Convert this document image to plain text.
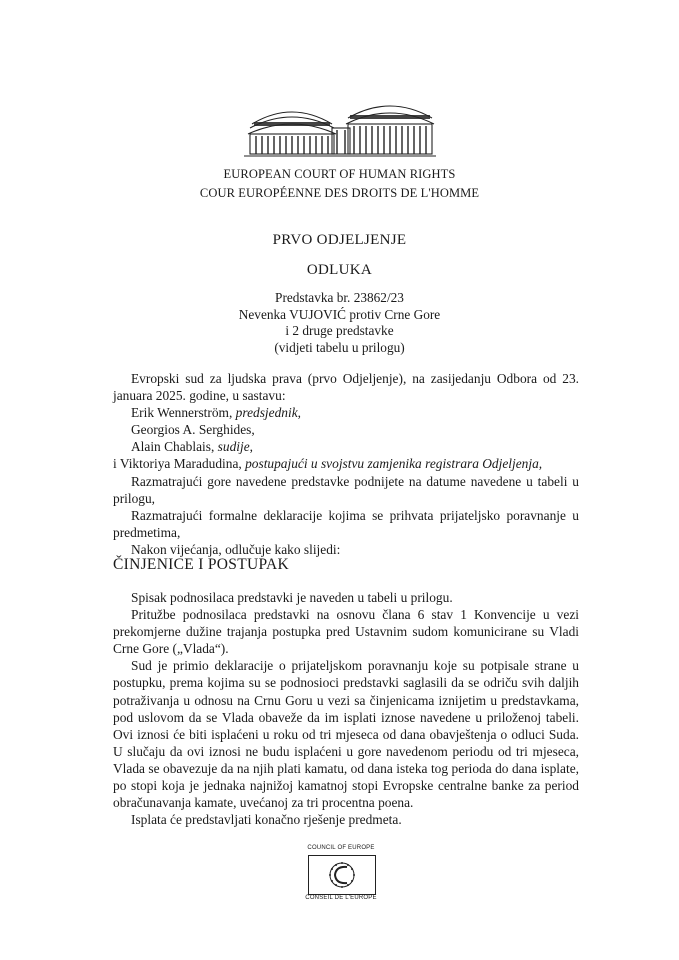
EUROPEAN COURT OF HUMAN RIGHTS
COUR EUROPÉENNE DES DROITS DE L'HOMME
PRVO ODJELJENJE
ODLUKA
Predstavka br. 23862/23
Nevenka VUJOVIĆ protiv Crne Gore
i 2 druge predstavke
(vidjeti tabelu u prilogu)

Evropski sud za ljudska prava (prvo Odjeljenje), na zasijedanju Odbora od 23. januara 2025. godine, u sastavu:

Erik Wennerström, predsjednik,

Georgios A. Serghides,

Alain Chablais, sudije,

i Viktoriya Maradudina, postupajući u svojstvu zamjenika registrara Odjeljenja,

Razmatrajući gore navedene predstavke podnijete na datume navedene u tabeli u prilogu,

Razmatrajući formalne deklaracije kojima se prihvata prijateljsko poravnanje u predmetima,

Nakon vijećanja, odlučuje kako slijedi:

ČINJENICE I POSTUPAK

Spisak podnosilaca predstavki je naveden u tabeli u prilogu.

Pritužbe podnosilaca predstavki na osnovu člana 6 stav 1 Konvencije u vezi prekomjerne dužine trajanja postupka pred Ustavnim sudom komunicirane su Vladi Crne Gore („Vlada“).

Sud je primio deklaracije o prijateljskom poravnanju koje su potpisale strane u postupku, prema kojima su se podnosioci predstavki saglasili da se odriču svih daljih potraživanja u odnosu na Crnu Goru u vezi sa činjenicama iznijetim u predstavkama, pod uslovom da se Vlada obaveže da im isplati iznose navedene u priloženoj tabeli. Ovi iznosi će biti isplaćeni u roku od tri mjeseca od dana obavještenja o odluci Suda. U slučaju da ovi iznosi ne budu isplaćeni u gore navedenom periodu od tri mjeseca, Vlada se obavezuje da na njih plati kamatu, od dana isteka tog perioda do dana isplate, po stopi koja je jednaka najnižoj kamatnoj stopi Evropske centralne banke za period obračunavanja kamate, uvećanoj za tri procentna poena.

Isplata će predstavljati konačno rješenje predmeta.

COUNCIL OF EUROPE
CONSEIL DE L'EUROPE
